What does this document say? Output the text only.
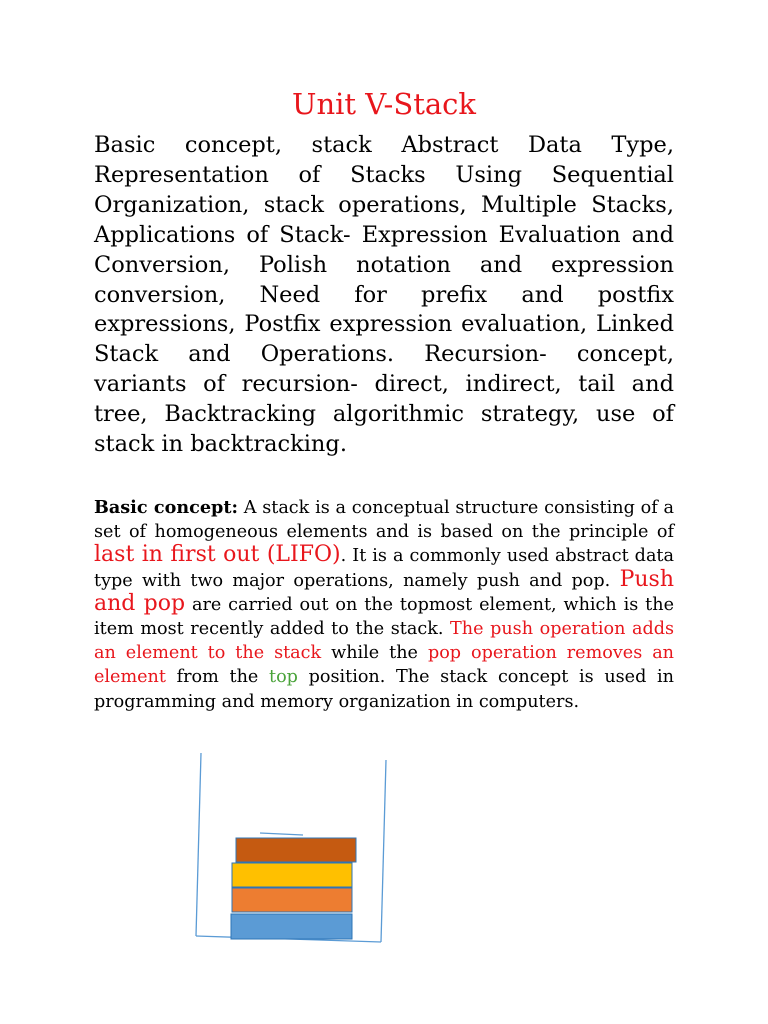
Unit V-Stack
Basic concept, stack Abstract Data Type, Representation of Stacks Using Sequential Organization, stack operations, Multiple Stacks, Applications of Stack- Expression Evaluation and Conversion, Polish notation and expression conversion, Need for prefix and postfix expressions, Postfix expression evaluation, Linked Stack and Operations. Recursion- concept, variants of recursion- direct, indirect, tail and tree, Backtracking algorithmic strategy, use of stack in backtracking.
Basic concept: A stack is a conceptual structure consisting of a set of homogeneous elements and is based on the principle of last in first out (LIFO). It is a commonly used abstract data type with two major operations, namely push and pop. Push and pop are carried out on the topmost element, which is the item most recently added to the stack. The push operation adds an element to the stack while the pop operation removes an element from the top position. The stack concept is used in programming and memory organization in computers.
